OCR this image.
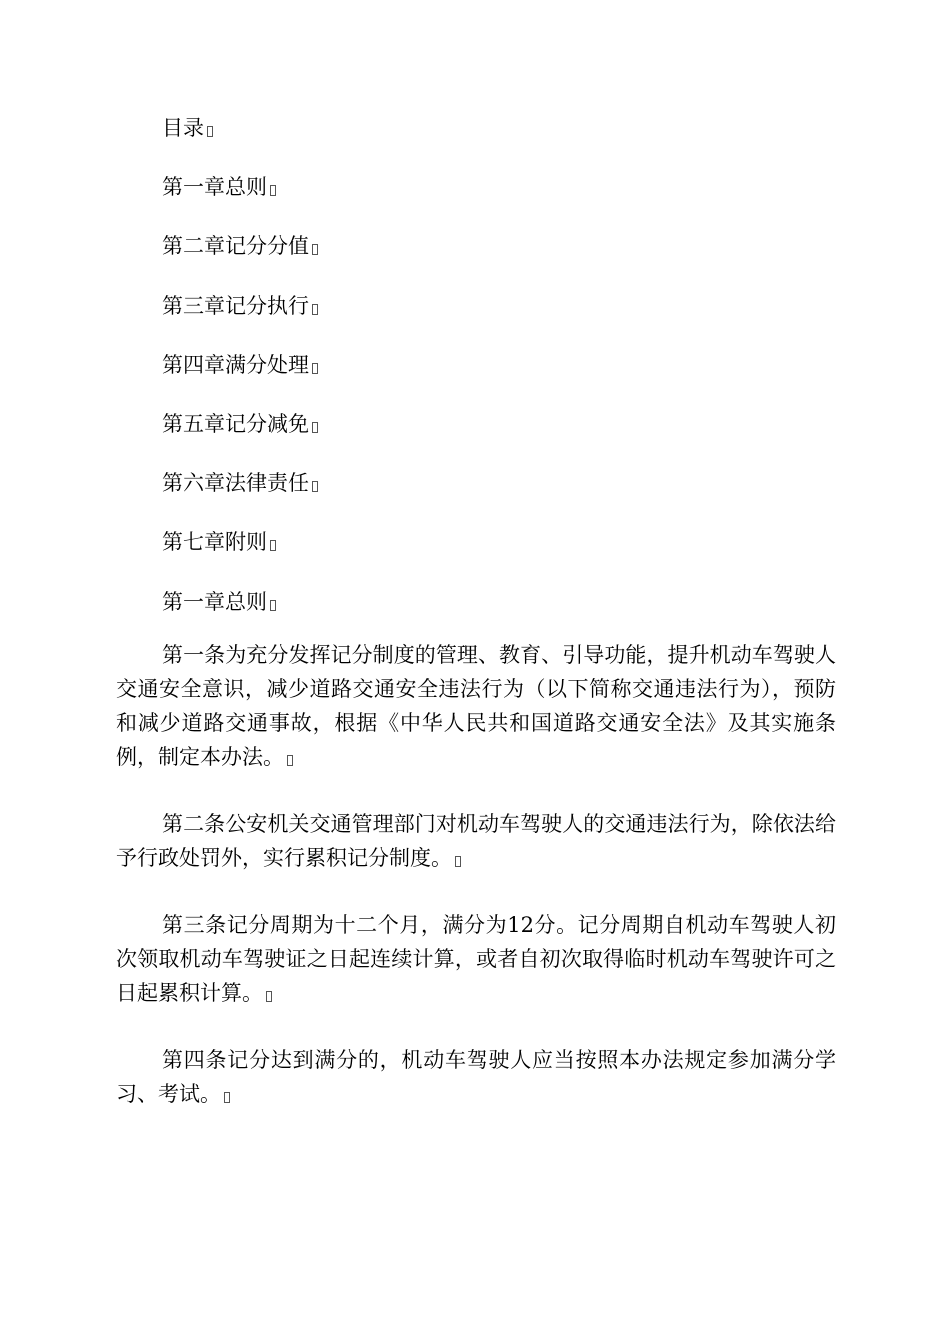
目录
第一章总则
第二章记分分值
第三章记分执行
第四章满分处理
第五章记分减免
第六章法律责任
第七章附则
第一章总则

第一条为充分发挥记分制度的管理、教育、引导功能，提升机动车驾驶人交通安全意识，减少道路交通安全违法行为（以下简称交通违法行为），预防和减少道路交通事故，根据《中华人民共和国道路交通安全法》及其实施条例，制定本办法。

第二条公安机关交通管理部门对机动车驾驶人的交通违法行为，除依法给予行政处罚外，实行累积记分制度。

第三条记分周期为十二个月，满分为12分。记分周期自机动车驾驶人初次领取机动车驾驶证之日起连续计算，或者自初次取得临时机动车驾驶许可之日起累积计算。

第四条记分达到满分的，机动车驾驶人应当按照本办法规定参加满分学习、考试。
